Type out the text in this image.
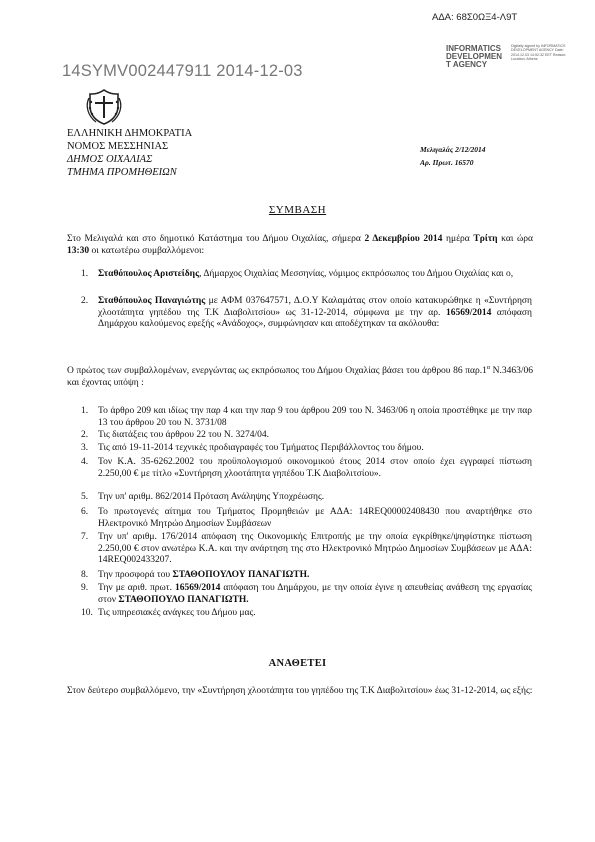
ΑΔΑ: 68Σ0ΩΞ4-Λ9Τ
INFORMATICS DEVELOPMEN T AGENCY
Digitally signed by INFORMATICS DEVELOPMENT AGENCY Date: 2014.12.03 14:52:32 EET Reason: Location: Athens
14SYMV002447911 2014-12-03
ΕΛΛΗΝΙΚΗ ΔΗΜΟΚΡΑΤΙΑ
ΝΟΜΟΣ ΜΕΣΣΗΝΙΑΣ
ΔΗΜΟΣ ΟΙΧΑΛΙΑΣ
ΤΜΗΜΑ ΠΡΟΜΗΘΕΙΩΝ
Μελιγαλάς 2/12/2014
Αρ. Πρωτ. 16570
ΣΥΜΒΑΣΗ
Στο Μελιγαλά και στο δημοτικό Κατάστημα του Δήμου Οιχαλίας, σήμερα 2 Δεκεμβρίου 2014 ημέρα Τρίτη και ώρα 13:30 οι κατωτέρω συμβαλλόμενοι:
1. Σταθόπουλος Αριστείδης, Δήμαρχος Οιχαλίας Μεσσηνίας, νόμιμος εκπρόσωπος του Δήμου Οιχαλίας και ο,
2. Σταθόπουλος Παναγιώτης με ΑΦΜ 037647571, Δ.Ο.Υ Καλαμάτας στον οποίο κατακυρώθηκε η «Συντήρηση χλοοτάπητα γηπέδου της Τ.Κ Διαβολιτσίου» ως 31-12-2014, σύμφωνα με την αρ. 16569/2014 απόφαση Δημάρχου καλούμενος εφεξής «Ανάδοχος», συμφώνησαν και αποδέχτηκαν τα ακόλουθα:
Ο πρώτος των συμβαλλομένων, ενεργώντας ως εκπρόσωπος του Δήμου Οιχαλίας βάσει του άρθρου 86 $\pi\alpha\rho.1^\alpha$ Ν.3463/06 και έχοντας υπόψη :
1. Το άρθρο 209 και ιδίως την παρ 4 και την παρ 9 του άρθρου 209 του Ν. 3463/06 η οποία προστέθηκε με την παρ 13 του άρθρου 20 του Ν. 3731/08
2. Τις διατάξεις του άρθρου 22 του Ν. 3274/04.
3. Τις από 19-11-2014 τεχνικές προδιαγραφές του Τμήματος Περιβάλλοντος του δήμου.
4. Τον Κ.Α. 35-6262.2002 του προϋπολογισμού οικονομικού έτους 2014 στον οποίο έχει εγγραφεί πίστωση 2.250,00 € με τίτλο «Συντήρηση χλοοτάπητα γηπέδου Τ.Κ Διαβολιτσίου».
5. Την υπ' αριθμ. 862/2014 Πρόταση Ανάληψης Υποχρέωσης.
6. Το πρωτογενές αίτημα του Τμήματος Προμηθειών με ΑΔΑ: 14REQ00002408430 που αναρτήθηκε στο Ηλεκτρονικό Μητρώο Δημοσίων Συμβάσεων
7. Την υπ' αριθμ. 176/2014 απόφαση της Οικονομικής Επιτροπής με την οποία εγκρίθηκε/ψηφίστηκε πίστωση 2.250,00 € στον ανωτέρω Κ.Α. και την ανάρτηση της στο Ηλεκτρονικό Μητρώο Δημοσίων Συμβάσεων με ΑΔΑ: 14REQ002433207.
8. Την προσφορά του ΣΤΑΘΟΠΟΥΛΟΥ ΠΑΝΑΓΙΩΤΗ.
9. Την με αριθ. πρωτ. 16569/2014 απόφαση του Δημάρχου, με την οποία έγινε η απευθείας ανάθεση της εργασίας στον ΣΤΑΘΟΠΟΥΛΟ ΠΑΝΑΓΙΩΤΗ.
10. Τις υπηρεσιακές ανάγκες του Δήμου μας.
ΑΝΑΘΕΤΕΙ
Στον δεύτερο συμβαλλόμενο, την «Συντήρηση χλοοτάπητα του γηπέδου της Τ.Κ Διαβολιτσίου» έως 31-12-2014, ως εξής:
